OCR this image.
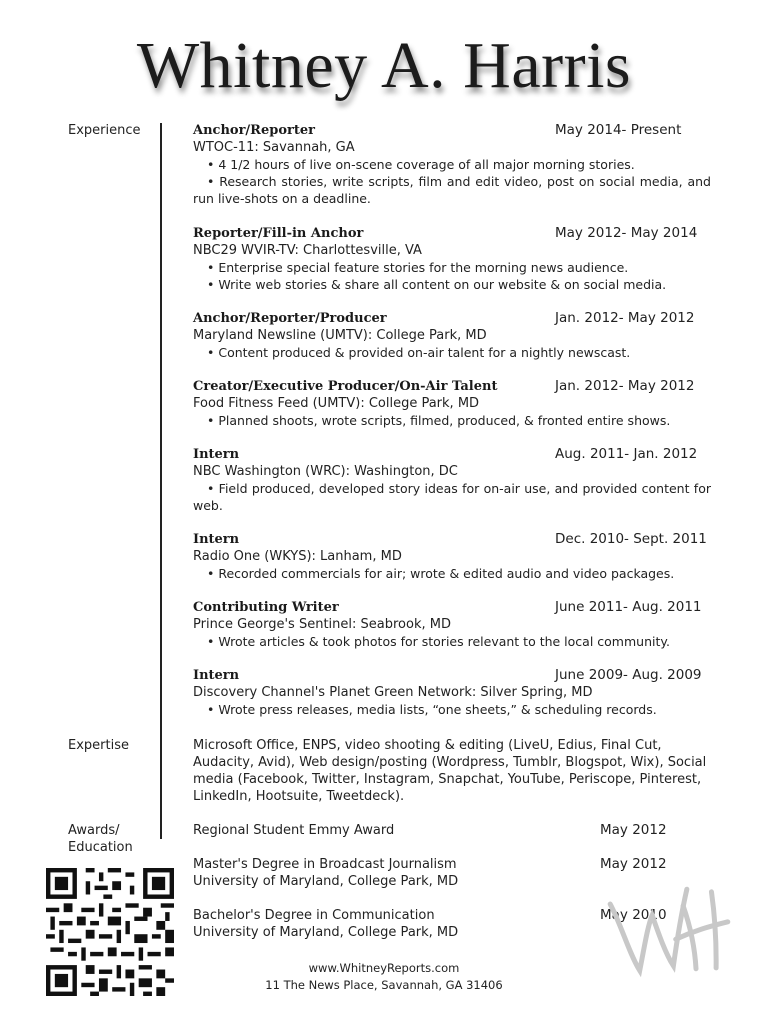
Whitney A. Harris
Experience
Expertise
Awards/
Education
Anchor/Reporter	May 2014- Present
WTOC-11: Savannah, GA
• 4 1/2 hours of live on-scene coverage of all major morning stories.
• Research stories, write scripts, film and edit video, post on social media, and run live-shots on a deadline.
Reporter/Fill-in Anchor	May 2012- May 2014
NBC29 WVIR-TV: Charlottesville, VA
• Enterprise special feature stories for the morning news audience.
• Write web stories & share all content on our website & on social media.
Anchor/Reporter/Producer	Jan. 2012- May 2012
Maryland Newsline (UMTV): College Park, MD
• Content produced & provided on-air talent for a nightly newscast.
Creator/Executive Producer/On-Air Talent	Jan. 2012- May 2012
Food Fitness Feed (UMTV): College Park, MD
• Planned shoots, wrote scripts, filmed, produced, & fronted entire shows.
Intern	Aug. 2011- Jan. 2012
NBC Washington (WRC): Washington, DC
• Field produced, developed story ideas for on-air use, and provided content for web.
Intern	Dec. 2010- Sept. 2011
Radio One (WKYS): Lanham, MD
• Recorded commercials for air; wrote & edited audio and video packages.
Contributing Writer	June 2011- Aug. 2011
Prince George's Sentinel: Seabrook, MD
• Wrote articles & took photos for stories relevant to the local community.
Intern	June 2009- Aug. 2009
Discovery Channel's Planet Green Network: Silver Spring, MD
• Wrote press releases, media lists, “one sheets,” & scheduling records.
Microsoft Office, ENPS, video shooting & editing (LiveU, Edius, Final Cut, Audacity, Avid), Web design/posting (Wordpress, Tumblr, Blogspot, Wix), Social media (Facebook, Twitter, Instagram, Snapchat, YouTube, Periscope, Pinterest, LinkedIn, Hootsuite, Tweetdeck).
Regional Student Emmy Award	May 2012
Master's Degree in Broadcast Journalism	May 2012
University of Maryland, College Park, MD
Bachelor's Degree in Communication	May 2010
University of Maryland, College Park, MD
www.WhitneyReports.com
11 The News Place, Savannah, GA 31406
